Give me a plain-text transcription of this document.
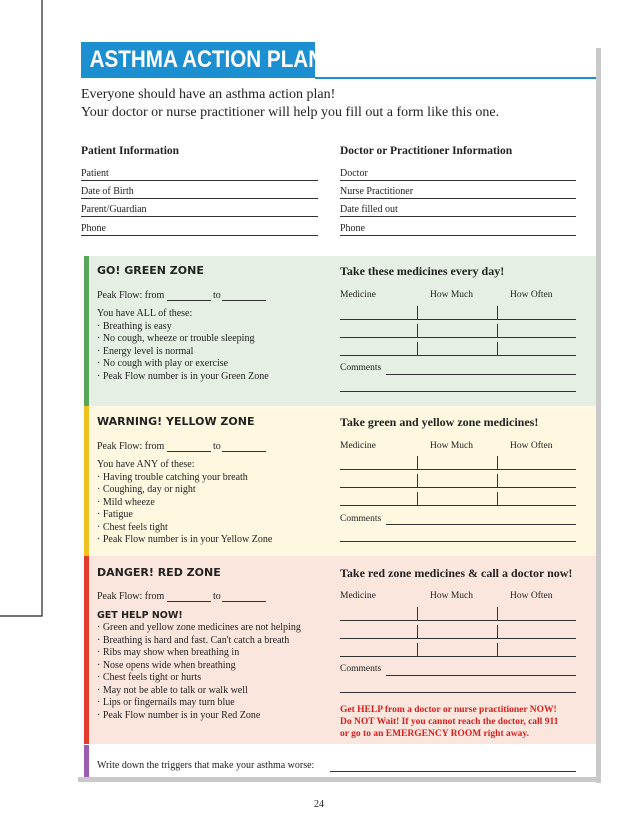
ASTHMA ACTION PLAN
Everyone should have an asthma action plan!
Your doctor or nurse practitioner will help you fill out a form like this one.
Patient Information	Doctor or Practitioner Information
Patient
Date of Birth
Parent/Guardian
Phone
Doctor
Nurse Practitioner
Date filled out
Phone
GO! GREEN ZONE	Take these medicines every day!
Peak Flow: from	to
You have ALL of these:
· Breathing is easy
· No cough, wheeze or trouble sleeping
· Energy level is normal
· No cough with play or exercise
· Peak Flow number is in your Green Zone
Medicine	How Much	How Often
Comments
WARNING! YELLOW ZONE	Take green and yellow zone medicines!
Peak Flow: from	to
You have ANY of these:
· Having trouble catching your breath
· Coughing, day or night
· Mild wheeze
· Fatigue
· Chest feels tight
· Peak Flow number is in your Yellow Zone
Medicine	How Much	How Often
Comments
DANGER! RED ZONE	Take red zone medicines & call a doctor now!
Peak Flow: from	to
GET HELP NOW!
· Green and yellow zone medicines are not helping
· Breathing is hard and fast. Can't catch a breath
· Ribs may show when breathing in
· Nose opens wide when breathing
· Chest feels tight or hurts
· May not be able to talk or walk well
· Lips or fingernails may turn blue
· Peak Flow number is in your Red Zone
Medicine	How Much	How Often
Comments
Get HELP from a doctor or nurse practitioner NOW!
Do NOT Wait! If you cannot reach the doctor, call 911
or go to an EMERGENCY ROOM right away.
Write down the triggers that make your asthma worse:
24
